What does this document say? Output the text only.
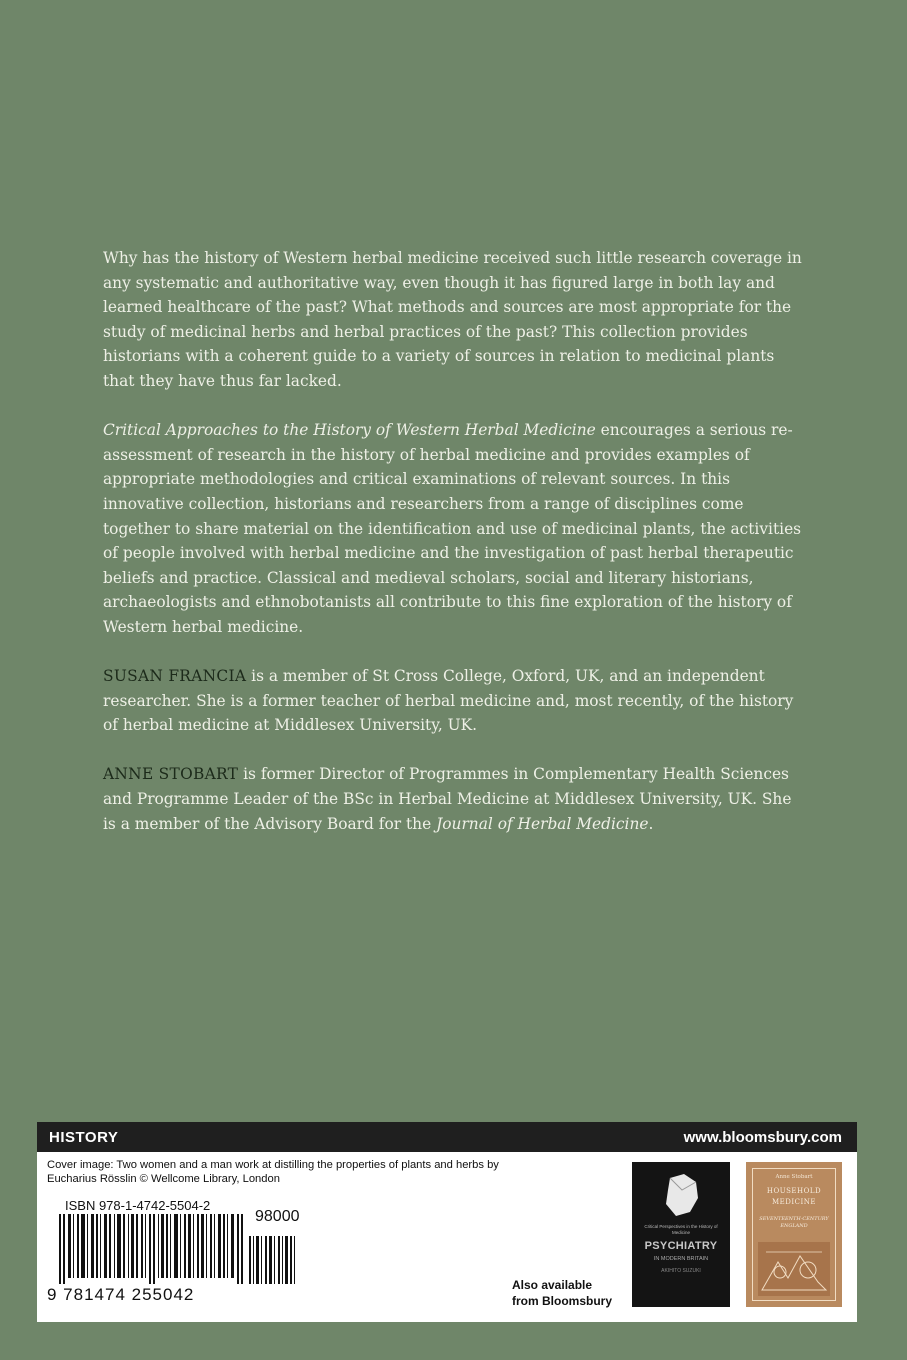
Why has the history of Western herbal medicine received such little research coverage in any systematic and authoritative way, even though it has figured large in both lay and learned healthcare of the past? What methods and sources are most appropriate for the study of medicinal herbs and herbal practices of the past? This collection provides historians with a coherent guide to a variety of sources in relation to medicinal plants that they have thus far lacked.

Critical Approaches to the History of Western Herbal Medicine encourages a serious re-assessment of research in the history of herbal medicine and provides examples of appropriate methodologies and critical examinations of relevant sources. In this innovative collection, historians and researchers from a range of disciplines come together to share material on the identification and use of medicinal plants, the activities of people involved with herbal medicine and the investigation of past herbal therapeutic beliefs and practice. Classical and medieval scholars, social and literary historians, archaeologists and ethnobotanists all contribute to this fine exploration of the history of Western herbal medicine.

SUSAN FRANCIA is a member of St Cross College, Oxford, UK, and an independent researcher. She is a former teacher of herbal medicine and, most recently, of the history of herbal medicine at Middlesex University, UK.

ANNE STOBART is former Director of Programmes in Complementary Health Sciences and Programme Leader of the BSc in Herbal Medicine at Middlesex University, UK. She is a member of the Advisory Board for the Journal of Herbal Medicine.

HISTORY	www.bloomsbury.com
Cover image: Two women and a man work at distilling the properties of plants and herbs by Eucharius Rösslin © Wellcome Library, London
ISBN 978-1-4742-5504-2
98000
9 781474 255042	Also available
from Bloomsbury
Critical Perspectives in the History of Medicine
PSYCHIATRY
IN MODERN BRITAIN
AKIHITO SUZUKI
Anne Stobart
HOUSEHOLD MEDICINE
SEVENTEENTH-CENTURY ENGLAND
